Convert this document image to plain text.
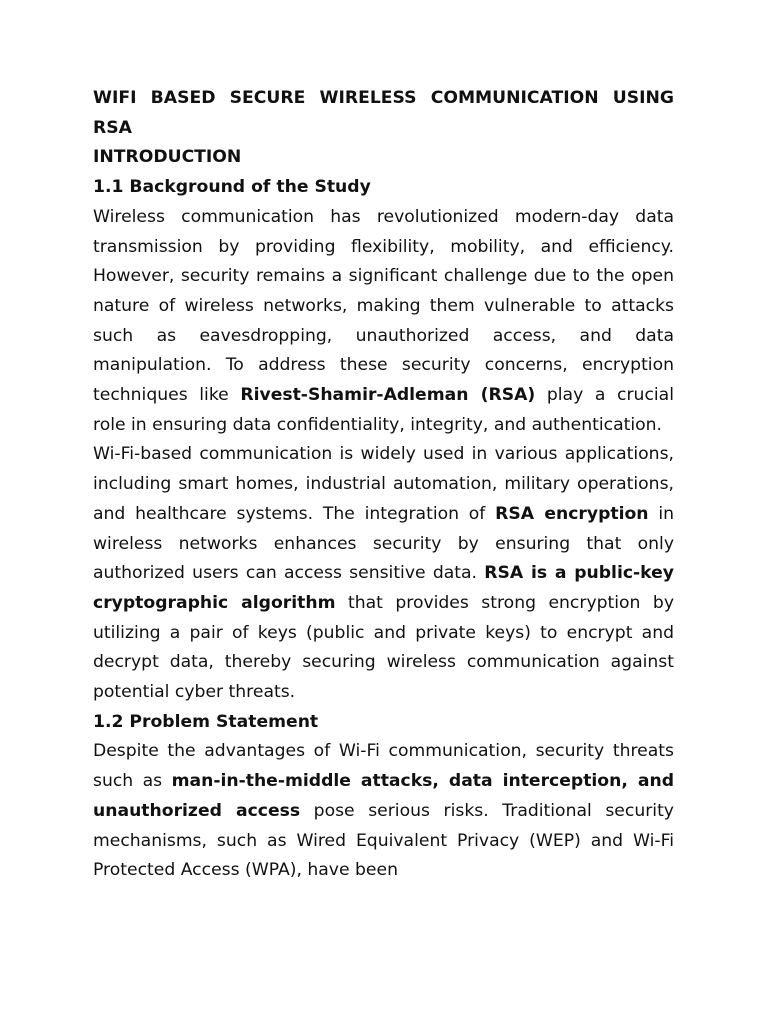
WIFI BASED SECURE WIRELESS COMMUNICATION USING RSA
INTRODUCTION
1.1 Background of the Study

Wireless communication has revolutionized modern-day data transmission by providing flexibility, mobility, and efficiency. However, security remains a significant challenge due to the open nature of wireless networks, making them vulnerable to attacks such as eavesdropping, unauthorized access, and data manipulation. To address these security concerns, encryption techniques like Rivest-Shamir-Adleman (RSA) play a crucial role in ensuring data confidentiality, integrity, and authentication.

Wi-Fi-based communication is widely used in various applications, including smart homes, industrial automation, military operations, and healthcare systems. The integration of RSA encryption in wireless networks enhances security by ensuring that only authorized users can access sensitive data. RSA is a public-key cryptographic algorithm that provides strong encryption by utilizing a pair of keys (public and private keys) to encrypt and decrypt data, thereby securing wireless communication against potential cyber threats.

1.2 Problem Statement

Despite the advantages of Wi-Fi communication, security threats such as man-in-the-middle attacks, data interception, and unauthorized access pose serious risks. Traditional security mechanisms, such as Wired Equivalent Privacy (WEP) and Wi-Fi Protected Access (WPA), have been
